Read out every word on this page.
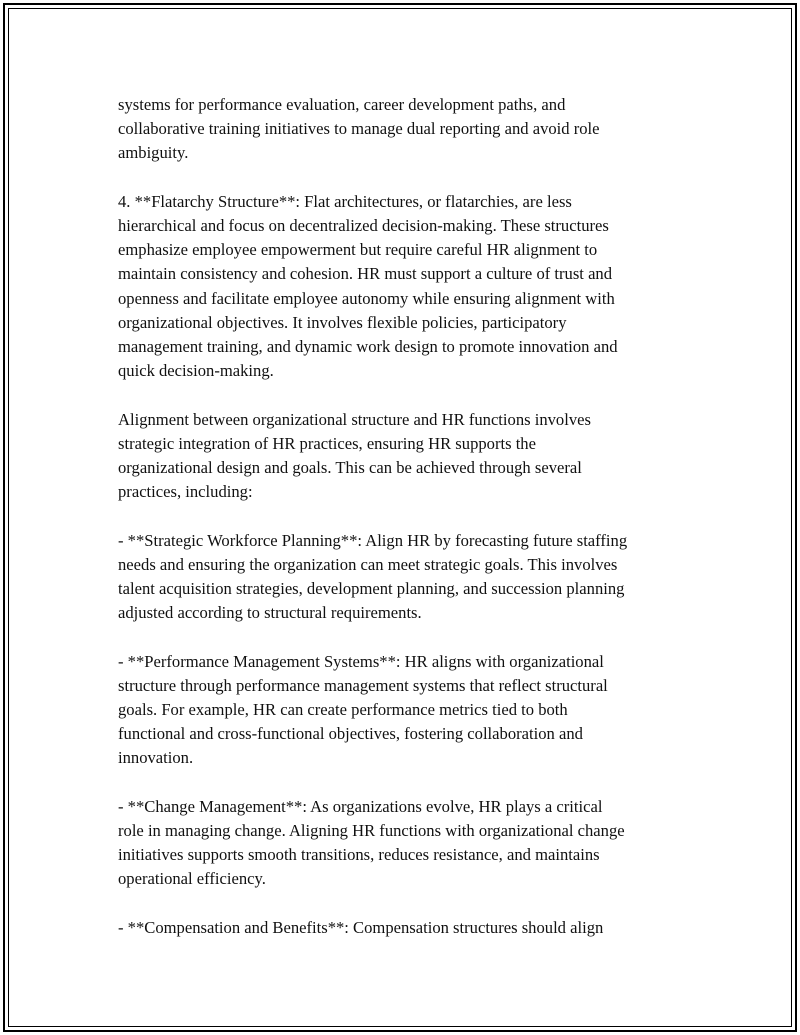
systems for performance evaluation, career development paths, and
collaborative training initiatives to manage dual reporting and avoid role
ambiguity.

4. **Flatarchy Structure**: Flat architectures, or flatarchies, are less
hierarchical and focus on decentralized decision-making. These structures
emphasize employee empowerment but require careful HR alignment to
maintain consistency and cohesion. HR must support a culture of trust and
openness and facilitate employee autonomy while ensuring alignment with
organizational objectives. It involves flexible policies, participatory
management training, and dynamic work design to promote innovation and
quick decision-making.

Alignment between organizational structure and HR functions involves
strategic integration of HR practices, ensuring HR supports the
organizational design and goals. This can be achieved through several
practices, including:

- **Strategic Workforce Planning**: Align HR by forecasting future staffing
needs and ensuring the organization can meet strategic goals. This involves
talent acquisition strategies, development planning, and succession planning
adjusted according to structural requirements.

- **Performance Management Systems**: HR aligns with organizational
structure through performance management systems that reflect structural
goals. For example, HR can create performance metrics tied to both
functional and cross-functional objectives, fostering collaboration and
innovation.

- **Change Management**: As organizations evolve, HR plays a critical
role in managing change. Aligning HR functions with organizational change
initiatives supports smooth transitions, reduces resistance, and maintains
operational efficiency.

- **Compensation and Benefits**: Compensation structures should align
